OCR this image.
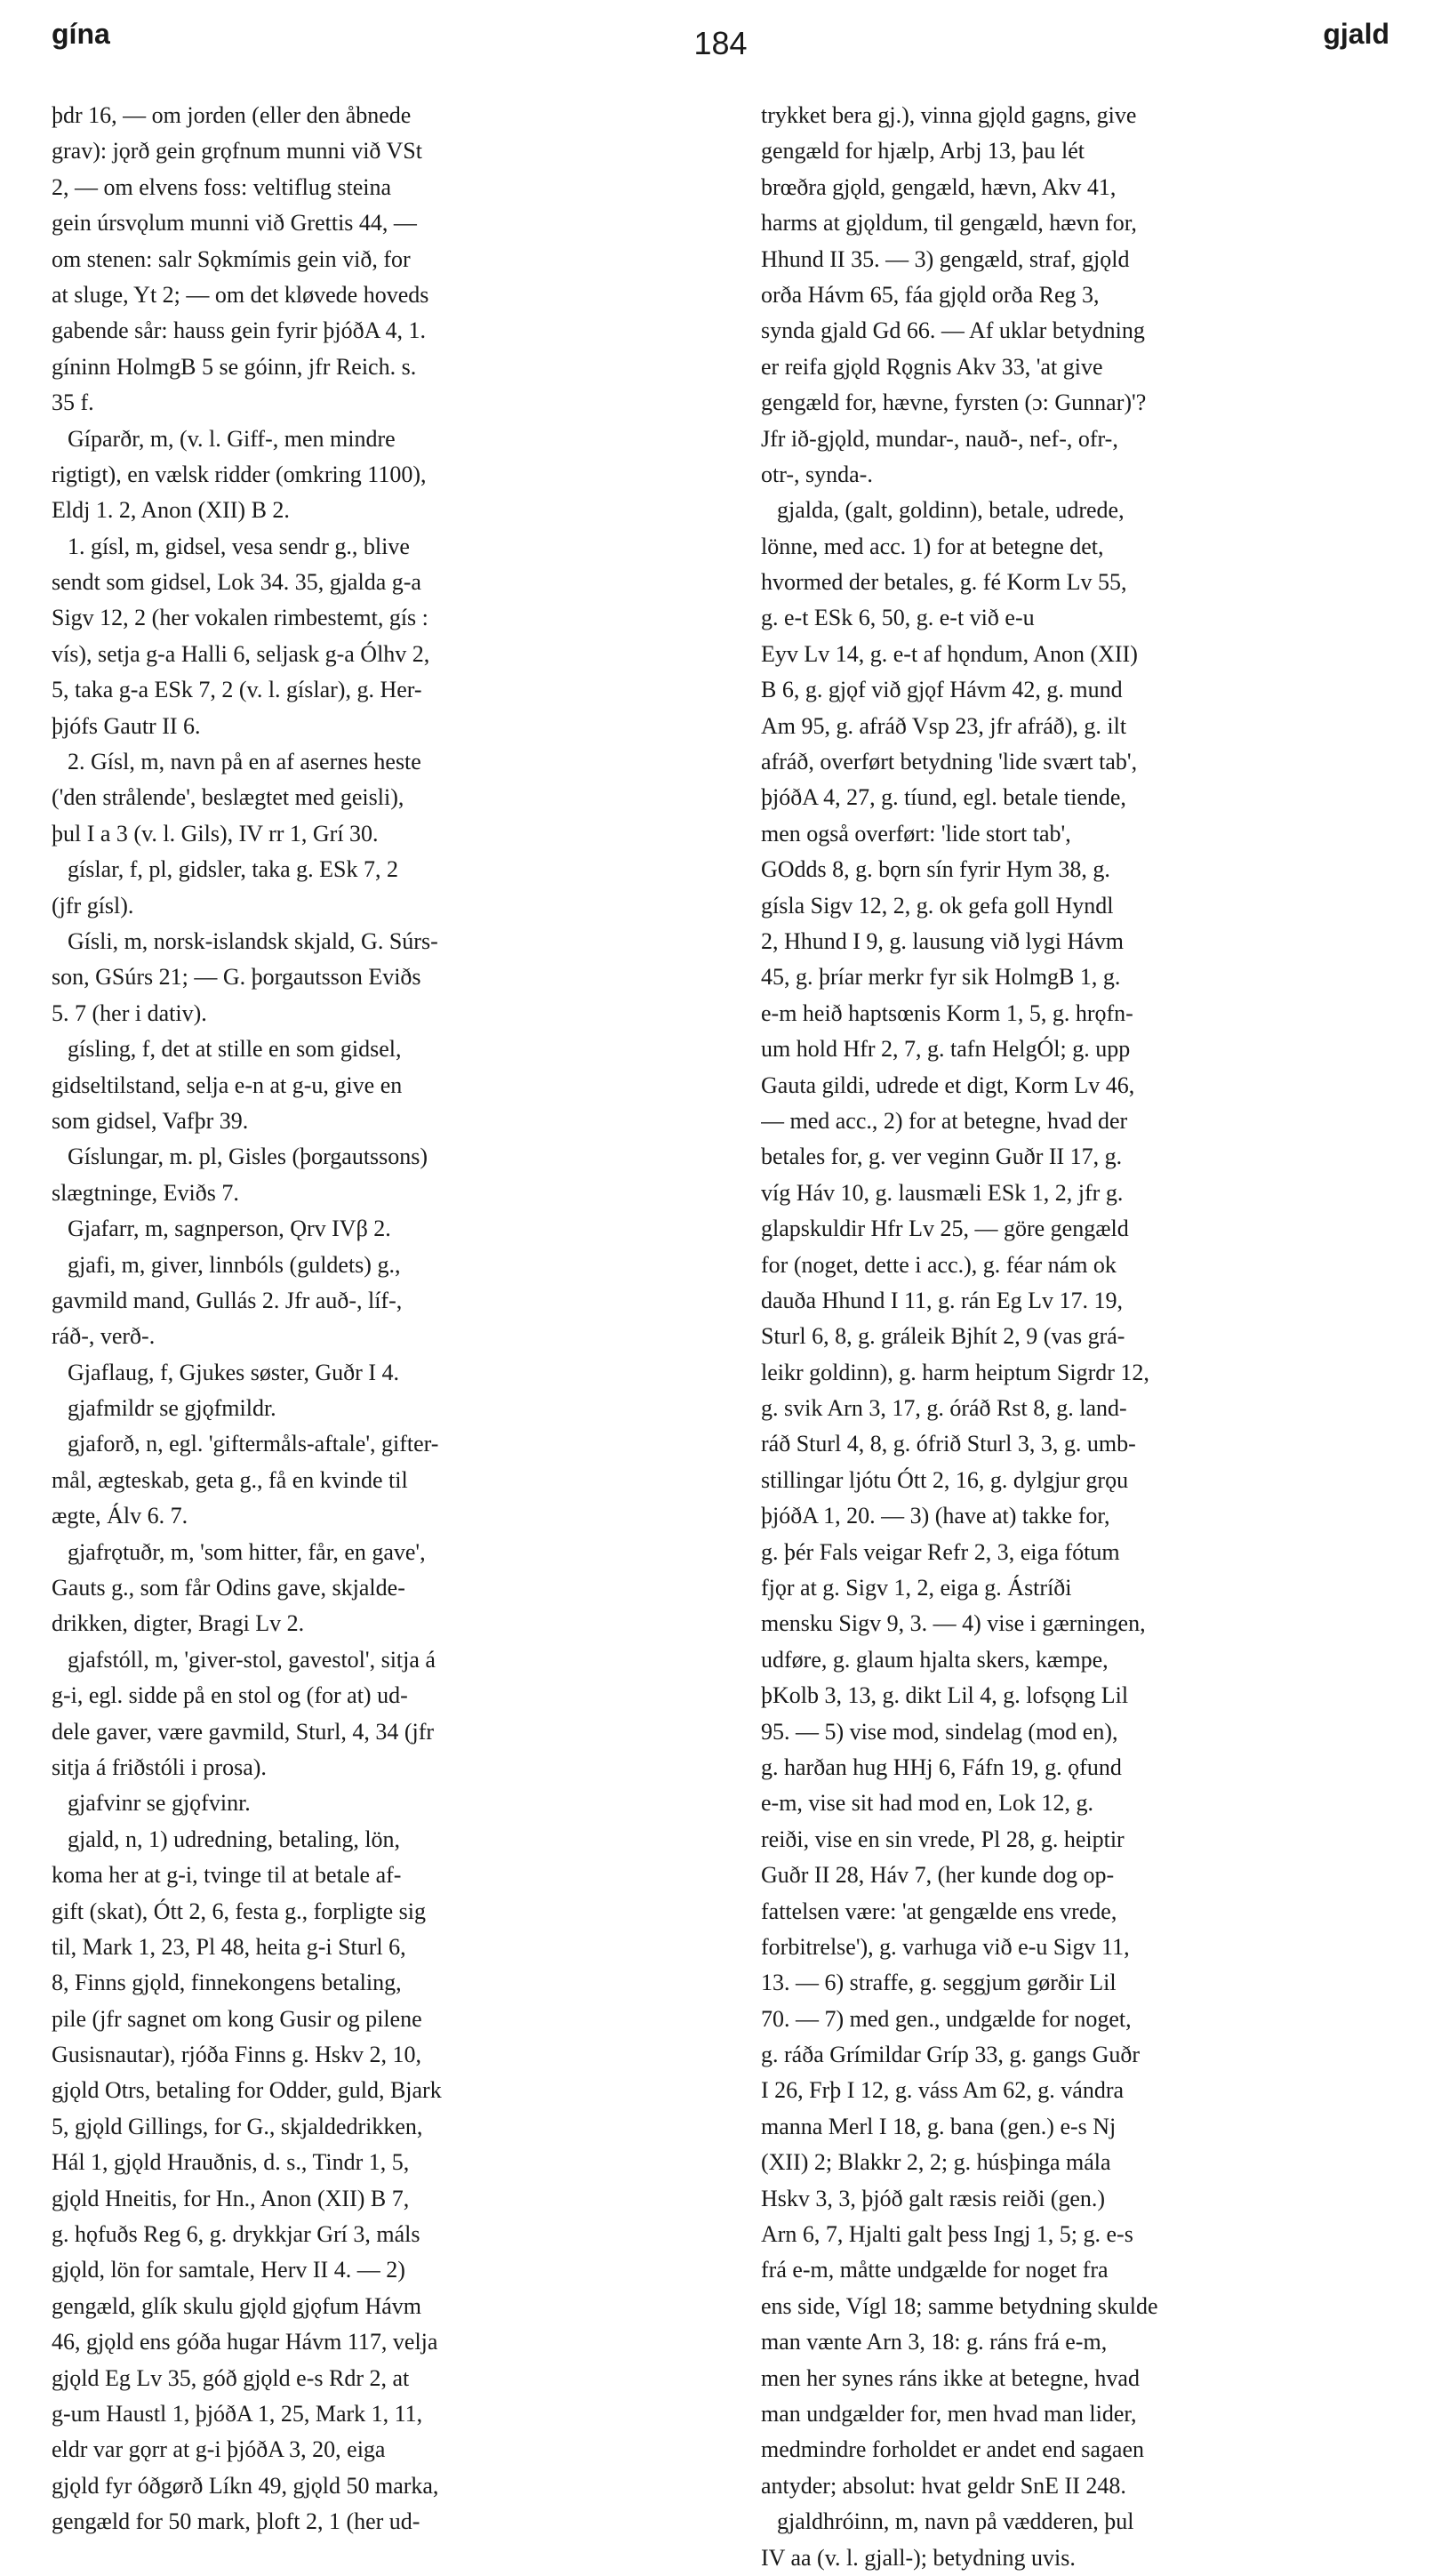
gína	184	gjald
þdr 16, — om jorden (eller den åbnede
grav): jǫrð gein grǫfnum munni við VSt
2, — om elvens foss: veltiflug steina
gein úrsvǫlum munni við Grettis 44, —
om stenen: salr Sǫkmímis gein við, for
at sluge, Yt 2; — om det kløvede hoveds
gabende sår: hauss gein fyrir þjóðA 4, 1.
gíninn HolmgB 5 se góinn, jfr Reich. s.
35 f.
Gíparðr, m, (v. l. Giff-, men mindre
rigtigt), en vælsk ridder (omkring 1100),
Eldj 1. 2, Anon (XII) B 2.
1. gísl, m, gidsel, vesa sendr g., blive
sendt som gidsel, Lok 34. 35, gjalda g-a
Sigv 12, 2 (her vokalen rimbestemt, gís :
vís), setja g-a Halli 6, seljask g-a Ólhv 2,
5, taka g-a ESk 7, 2 (v. l. gíslar), g. Her-
þjófs Gautr II 6.
2. Gísl, m, navn på en af asernes heste
('den strålende', beslægtet med geisli),
þul I a 3 (v. l. Gils), IV rr 1, Grí 30.
gíslar, f, pl, gidsler, taka g. ESk 7, 2
(jfr gísl).
Gísli, m, norsk-islandsk skjald, G. Súrs-
son, GSúrs 21; — G. þorgautsson Eviðs
5. 7 (her i dativ).
gísling, f, det at stille en som gidsel,
gidseltilstand, selja e-n at g-u, give en
som gidsel, Vafþr 39.
Gíslungar, m. pl, Gisles (þorgautssons)
slægtninge, Eviðs 7.
Gjafarr, m, sagnperson, Ǫrv IVβ 2.
gjafi, m, giver, linnbóls (guldets) g.,
gavmild mand, Gullás 2. Jfr auð-, líf-,
ráð-, verð-.
Gjaflaug, f, Gjukes søster, Guðr I 4.
gjafmildr se gjǫfmildr.
gjaforð, n, egl. 'giftermåls-aftale', gifter-
mål, ægteskab, geta g., få en kvinde til
ægte, Álv 6. 7.
gjafrǫtuðr, m, 'som hitter, får, en gave',
Gauts g., som får Odins gave, skjalde-
drikken, digter, Bragi Lv 2.
gjafstóll, m, 'giver-stol, gavestol', sitja á
g-i, egl. sidde på en stol og (for at) ud-
dele gaver, være gavmild, Sturl, 4, 34 (jfr
sitja á friðstóli i prosa).
gjafvinr se gjǫfvinr.
gjald, n, 1) udredning, betaling, lön,
koma her at g-i, tvinge til at betale af-
gift (skat), Ótt 2, 6, festa g., forpligte sig
til, Mark 1, 23, Pl 48, heita g-i Sturl 6,
8, Finns gjǫld, finnekongens betaling,
pile (jfr sagnet om kong Gusir og pilene
Gusisnautar), rjóða Finns g. Hskv 2, 10,
gjǫld Otrs, betaling for Odder, guld, Bjark
5, gjǫld Gillings, for G., skjaldedrikken,
Hál 1, gjǫld Hrauðnis, d. s., Tindr 1, 5,
gjǫld Hneitis, for Hn., Anon (XII) B 7,
g. hǫfuðs Reg 6, g. drykkjar Grí 3, máls
gjǫld, lön for samtale, Herv II 4. — 2)
gengæld, glík skulu gjǫld gjǫfum Hávm
46, gjǫld ens góða hugar Hávm 117, velja
gjǫld Eg Lv 35, góð gjǫld e-s Rdr 2, at
g-um Haustl 1, þjóðA 1, 25, Mark 1, 11,
eldr var gǫrr at g-i þjóðA 3, 20, eiga
gjǫld fyr óðgørð Líkn 49, gjǫld 50 marka,
gengæld for 50 mark, þloft 2, 1 (her ud-
trykket bera gj.), vinna gjǫld gagns, give
gengæld for hjælp, Arbj 13, þau lét
brœðra gjǫld, gengæld, hævn, Akv 41,
harms at gjǫldum, til gengæld, hævn for,
Hhund II 35. — 3) gengæld, straf, gjǫld
orða Hávm 65, fáa gjǫld orða Reg 3,
synda gjald Gd 66. — Af uklar betydning
er reifa gjǫld Rǫgnis Akv 33, 'at give
gengæld for, hævne, fyrsten (ɔ: Gunnar)'?
Jfr ið-gjǫld, mundar-, nauð-, nef-, ofr-,
otr-, synda-.
gjalda, (galt, goldinn), betale, udrede,
lönne, med acc. 1) for at betegne det,
hvormed der betales, g. fé Korm Lv 55,
g. e-t ESk 6, 50, g. e-t við e-u
Eyv Lv 14, g. e-t af hǫndum, Anon (XII)
B 6, g. gjǫf við gjǫf Hávm 42, g. mund
Am 95, g. afráð Vsp 23, jfr afráð), g. ilt
afráð, overført betydning 'lide svært tab',
þjóðA 4, 27, g. tíund, egl. betale tiende,
men også overført: 'lide stort tab',
GOdds 8, g. bǫrn sín fyrir Hym 38, g.
gísla Sigv 12, 2, g. ok gefa goll Hyndl
2, Hhund I 9, g. lausung við lygi Hávm
45, g. þríar merkr fyr sik HolmgB 1, g.
e-m heið haptsœnis Korm 1, 5, g. hrǫfn-
um hold Hfr 2, 7, g. tafn HelgÓl; g. upp
Gauta gildi, udrede et digt, Korm Lv 46,
— med acc., 2) for at betegne, hvad der
betales for, g. ver veginn Guðr II 17, g.
víg Háv 10, g. lausmæli ESk 1, 2, jfr g.
glapskuldir Hfr Lv 25, — göre gengæld
for (noget, dette i acc.), g. féar nám ok
dauða Hhund I 11, g. rán Eg Lv 17. 19,
Sturl 6, 8, g. gráleik Bjhít 2, 9 (vas grá-
leikr goldinn), g. harm heiptum Sigrdr 12,
g. svik Arn 3, 17, g. óráð Rst 8, g. land-
ráð Sturl 4, 8, g. ófrið Sturl 3, 3, g. umb-
stillingar ljótu Ótt 2, 16, g. dylgjur grǫu
þjóðA 1, 20. — 3) (have at) takke for,
g. þér Fals veigar Refr 2, 3, eiga fótum
fjǫr at g. Sigv 1, 2, eiga g. Ástríði
mensku Sigv 9, 3. — 4) vise i gærningen,
udføre, g. glaum hjalta skers, kæmpe,
þKolb 3, 13, g. dikt Lil 4, g. lofsǫng Lil
95. — 5) vise mod, sindelag (mod en),
g. harðan hug HHj 6, Fáfn 19, g. ǫfund
e-m, vise sit had mod en, Lok 12, g.
reiði, vise en sin vrede, Pl 28, g. heiptir
Guðr II 28, Háv 7, (her kunde dog op-
fattelsen være: 'at gengælde ens vrede,
forbitrelse'), g. varhuga við e-u Sigv 11,
13. — 6) straffe, g. seggjum gørðir Lil
70. — 7) med gen., undgælde for noget,
g. ráða Grímildar Gríp 33, g. gangs Guðr
I 26, Frþ I 12, g. váss Am 62, g. vándra
manna Merl I 18, g. bana (gen.) e-s Nj
(XII) 2; Blakkr 2, 2; g. húsþinga mála
Hskv 3, 3, þjóð galt ræsis reiði (gen.)
Arn 6, 7, Hjalti galt þess Ingj 1, 5; g. e-s
frá e-m, måtte undgælde for noget fra
ens side, Vígl 18; samme betydning skulde
man vænte Arn 3, 18: g. ráns frá e-m,
men her synes ráns ikke at betegne, hvad
man undgælder for, men hvad man lider,
medmindre forholdet er andet end sagaen
antyder; absolut: hvat geldr SnE II 248.
gjaldhróinn, m, navn på vædderen, þul
IV aa (v. l. gjall-); betydning uvis.
